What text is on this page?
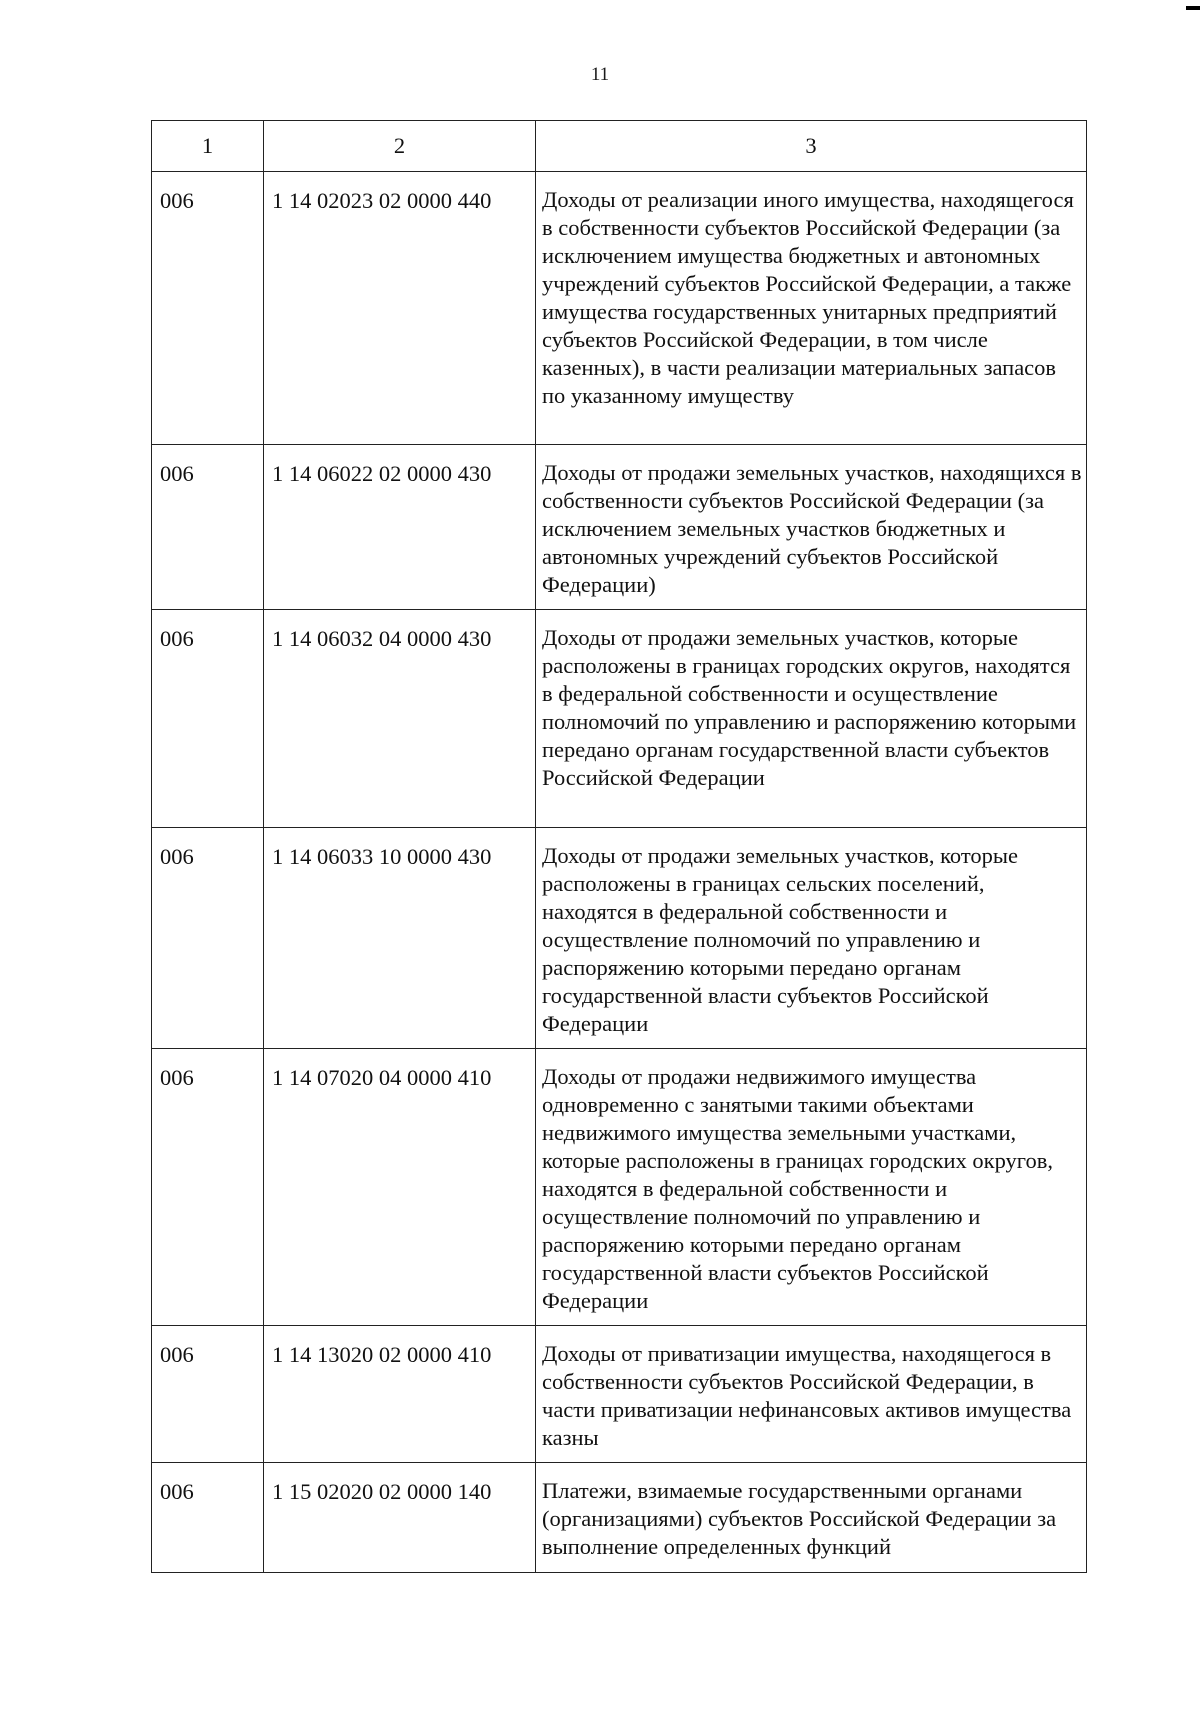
11
1	2	3
006	1 14 02023 02 0000 440	Доходы от реализации иного имущества, находящегося в собственности субъектов Российской Федерации (за исключением имущества бюджетных и автономных учреждений субъектов Российской Федерации, а также имущества государственных унитарных предприятий субъектов Российской Федерации, в том числе казенных), в части реализации материальных запасов по указанному имуществу
006	1 14 06022 02 0000 430	Доходы от продажи земельных участков, находящихся в собственности субъектов Российской Федерации (за исключением земельных участков бюджетных и автономных учреждений субъектов Российской Федерации)
006	1 14 06032 04 0000 430	Доходы от продажи земельных участков, которые расположены в границах городских округов, находятся в федеральной собственности и осуществление полномочий по управлению и распоряжению которыми передано органам государственной власти субъектов Российской Федерации
006	1 14 06033 10 0000 430	Доходы от продажи земельных участков, которые расположены в границах сельских поселений, находятся в федеральной собственности и осуществление полномочий по управлению и распоряжению которыми передано органам государственной власти субъектов Российской Федерации
006	1 14 07020 04 0000 410	Доходы от продажи недвижимого имущества одновременно с занятыми такими объектами недвижимого имущества земельными участками, которые расположены в границах городских округов, находятся в федеральной собственности и осуществление полномочий по управлению и распоряжению которыми передано органам государственной власти субъектов Российской Федерации
006	1 14 13020 02 0000 410	Доходы от приватизации имущества, находящегося в собственности субъектов Российской Федерации, в части приватизации нефинансовых активов имущества казны
006	1 15 02020 02 0000 140	Платежи, взимаемые государственными органами (организациями) субъектов Российской Федерации за выполнение определенных функций
